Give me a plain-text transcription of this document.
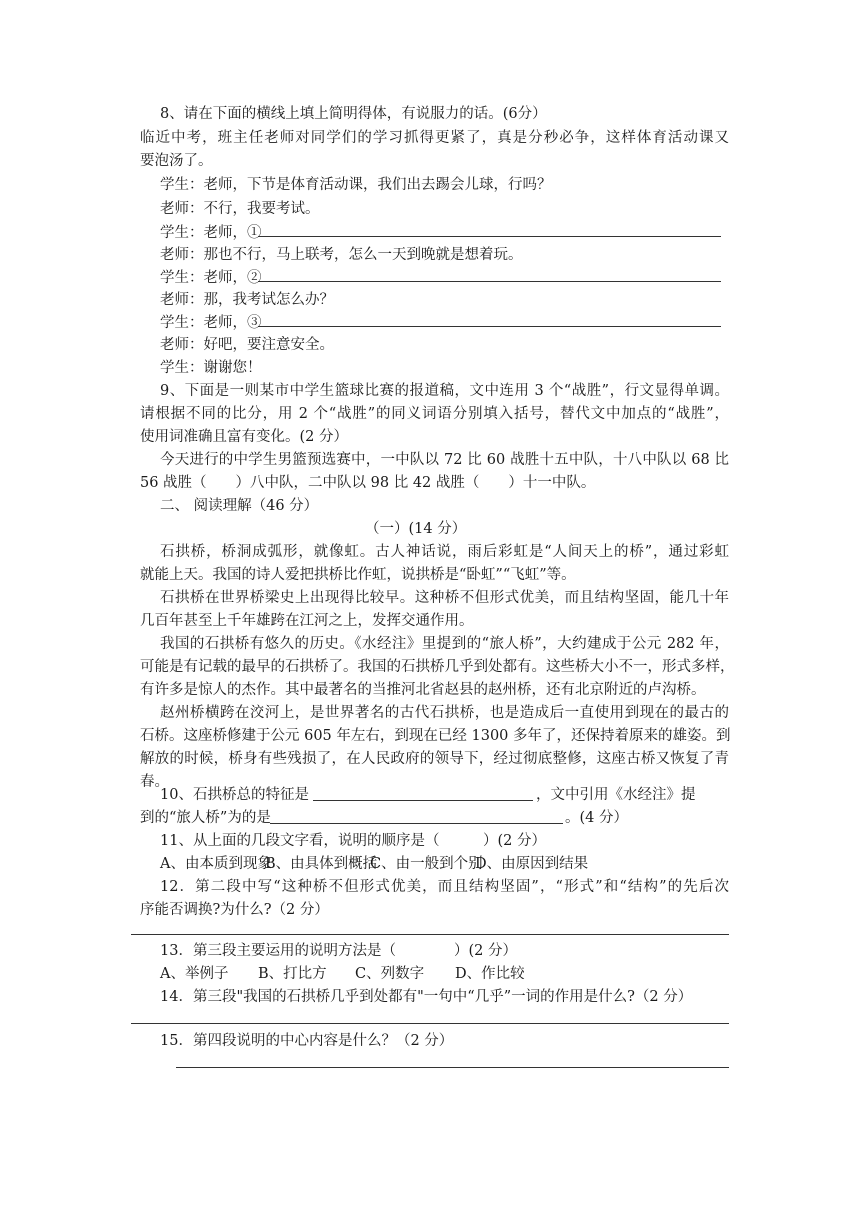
8、请在下面的横线上填上简明得体，有说服力的话。(6分）
临近中考，班主任老师对同学们的学习抓得更紧了，真是分秒必争，这样体育活动课又
要泡汤了。
学生：老师，下节是体育活动课，我们出去踢会儿球，行吗？
老师：不行，我要考试。
学生：老师，①
老师：那也不行，马上联考，怎么一天到晚就是想着玩。
学生：老师，②
老师：那，我考试怎么办？
学生：老师，③
老师：好吧，要注意安全。
学生：谢谢您！
9、下面是一则某市中学生篮球比赛的报道稿，文中连用 3 个“战胜”，行文显得单调。
请根据不同的比分，用 2 个“战胜”的同义词语分别填入括号，替代文中加点的“战胜”，
使用词准确且富有变化。(2 分）
今天进行的中学生男篮预选赛中，一中队以 72 比 60 战胜十五中队，十八中队以 68 比
56 战胜（　　）八中队，二中队以 98 比 42 战胜（　　）十一中队。
二、 阅读理解（46 分）
（一）(14 分）
石拱桥，桥洞成弧形，就像虹。古人神话说，雨后彩虹是“人间天上的桥”，通过彩虹
就能上天。我国的诗人爱把拱桥比作虹，说拱桥是“卧虹”“飞虹”等。
石拱桥在世界桥梁史上出现得比较早。这种桥不但形式优美，而且结构坚固，能几十年
几百年甚至上千年雄跨在江河之上，发挥交通作用。
我国的石拱桥有悠久的历史。《水经注》里提到的“旅人桥”，大约建成于公元 282 年，
可能是有记载的最早的石拱桥了。我国的石拱桥几乎到处都有。这些桥大小不一，形式多样，
有许多是惊人的杰作。其中最著名的当推河北省赵县的赵州桥，还有北京附近的卢沟桥。
赵州桥横跨在洨河上，是世界著名的古代石拱桥，也是造成后一直使用到现在的最古的
石桥。这座桥修建于公元 605 年左右，到现在已经 1300 多年了，还保持着原来的雄姿。到
解放的时候，桥身有些残损了，在人民政府的领导下，经过彻底整修，这座古桥又恢复了青
春。
10、石拱桥总的特征是	，文中引用《水经注》提
到的“旅人桥”为的是	。(4 分）
11、从上面的几段文字看，说明的顺序是（　　　）(2 分）
A、由本质到现象
B、由具体到概括
C、由一般到个别
D、由原因到结果
12．第二段中写“这种桥不但形式优美，而且结构坚固”，“形式”和“结构”的先后次
序能否调换?为什么?（2 分）
13．第三段主要运用的说明方法是（　　　　）(2 分）
A、举例子 B、打比方 C、列数字 D、作比较
14．第三段"我国的石拱桥几乎到处都有"一句中“几乎”一词的作用是什么?（2 分）
15．第四段说明的中心内容是什么？（2 分）
